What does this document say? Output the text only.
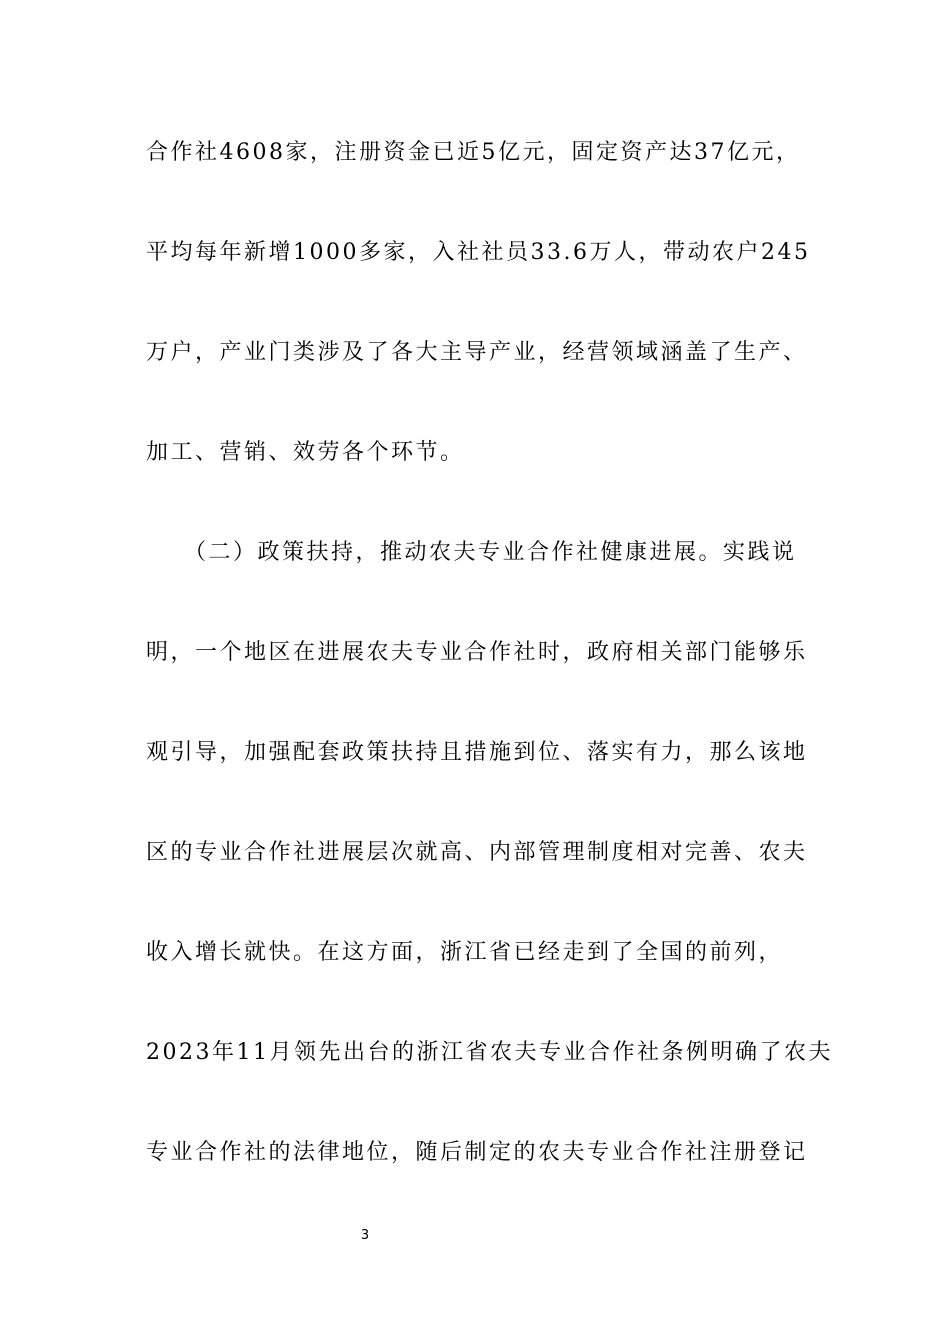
合作社4608家，注册资金已近5亿元，固定资产达37亿元，
平均每年新增1000多家，入社社员33.6万人，带动农户245
万户，产业门类涉及了各大主导产业，经营领域涵盖了生产、
加工、营销、效劳各个环节。
（二）政策扶持，推动农夫专业合作社健康进展。实践说
明，一个地区在进展农夫专业合作社时，政府相关部门能够乐
观引导，加强配套政策扶持且措施到位、落实有力，那么该地
区的专业合作社进展层次就高、内部管理制度相对完善、农夫
收入增长就快。在这方面，浙江省已经走到了全国的前列，
2023年11月领先出台的浙江省农夫专业合作社条例明确了农夫
专业合作社的法律地位，随后制定的农夫专业合作社注册登记
3
